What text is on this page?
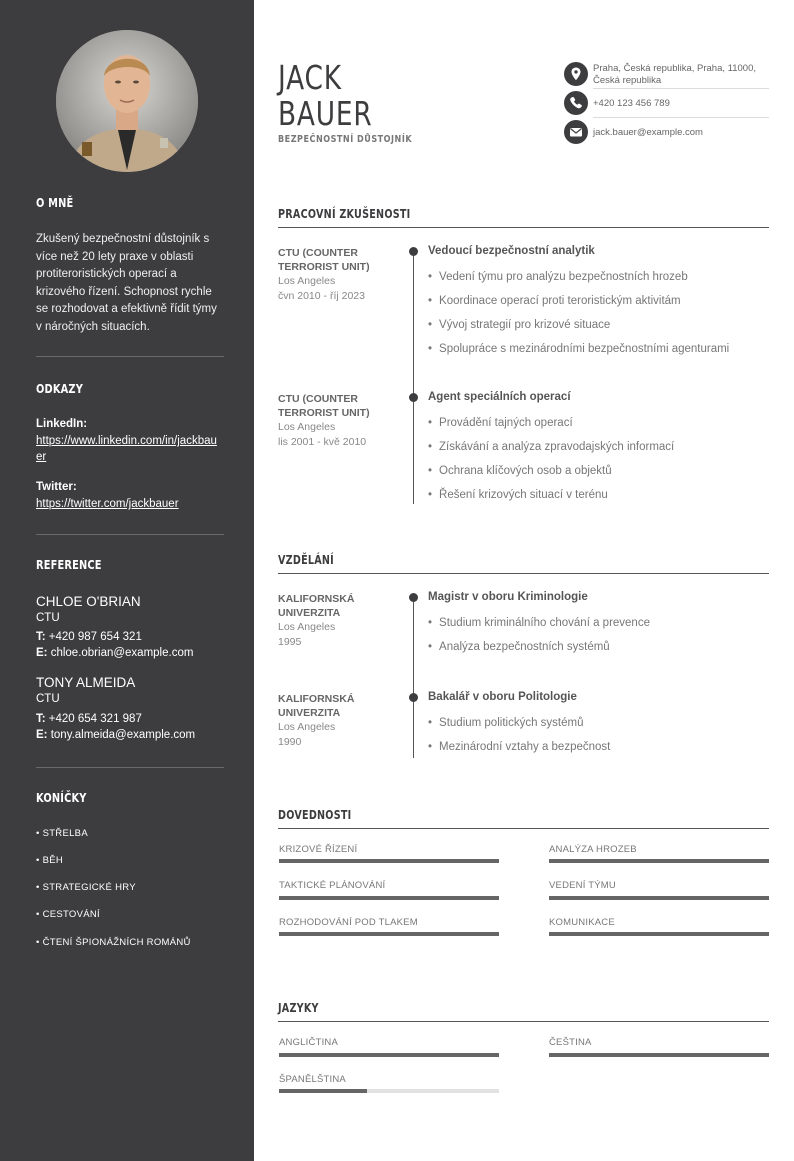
O MNĚ
Zkušený bezpečnostní důstojník s více než 20 lety praxe v oblasti protiteroristických operací a krizového řízení. Schopnost rychle se rozhodovat a efektivně řídit týmy v náročných situacích.
ODKAZY
LinkedIn:
https://www.linkedin.com/in/jackbauer
Twitter:
https://twitter.com/jackbauer
REFERENCE
CHLOE O'BRIAN
CTU
T: +420 987 654 321
E: chloe.obrian@example.com
TONY ALMEIDA
CTU
T: +420 654 321 987
E: tony.almeida@example.com
KONÍČKY
• STŘELBA
• BĚH
• STRATEGICKÉ HRY
• CESTOVÁNÍ
• ČTENÍ ŠPIONÁŽNÍCH ROMÁNŮ
JACK
BAUER
BEZPEČNOSTNÍ DŮSTOJNÍK
Praha, Česká republika, Praha, 11000, Česká republika
+420 123 456 789
jack.bauer@example.com
PRACOVNÍ ZKUŠENOSTI
CTU (COUNTER TERRORIST UNIT)
Los Angeles
čvn 2010 - říj 2023
Vedoucí bezpečnostní analytik
• Vedení týmu pro analýzu bezpečnostních hrozeb
• Koordinace operací proti teroristickým aktivitám
• Vývoj strategií pro krizové situace
• Spolupráce s mezinárodními bezpečnostními agenturami
CTU (COUNTER TERRORIST UNIT)
Los Angeles
lis 2001 - kvě 2010
Agent speciálních operací
• Provádění tajných operací
• Získávání a analýza zpravodajských informací
• Ochrana klíčových osob a objektů
• Řešení krizových situací v terénu
VZDĚLÁNÍ
KALIFORNSKÁ UNIVERZITA
Los Angeles
1995
Magistr v oboru Kriminologie
• Studium kriminálního chování a prevence
• Analýza bezpečnostních systémů
KALIFORNSKÁ UNIVERZITA
Los Angeles
1990
Bakalář v oboru Politologie
• Studium politických systémů
• Mezinárodní vztahy a bezpečnost
DOVEDNOSTI
KRIZOVÉ ŘÍZENÍ	ANALÝZA HROZEB
TAKTICKÉ PLÁNOVÁNÍ	VEDENÍ TÝMU
ROZHODOVÁNÍ POD TLAKEM	KOMUNIKACE
JAZYKY
ANGLIČTINA	ČEŠTINA
ŠPANĚLŠTINA
